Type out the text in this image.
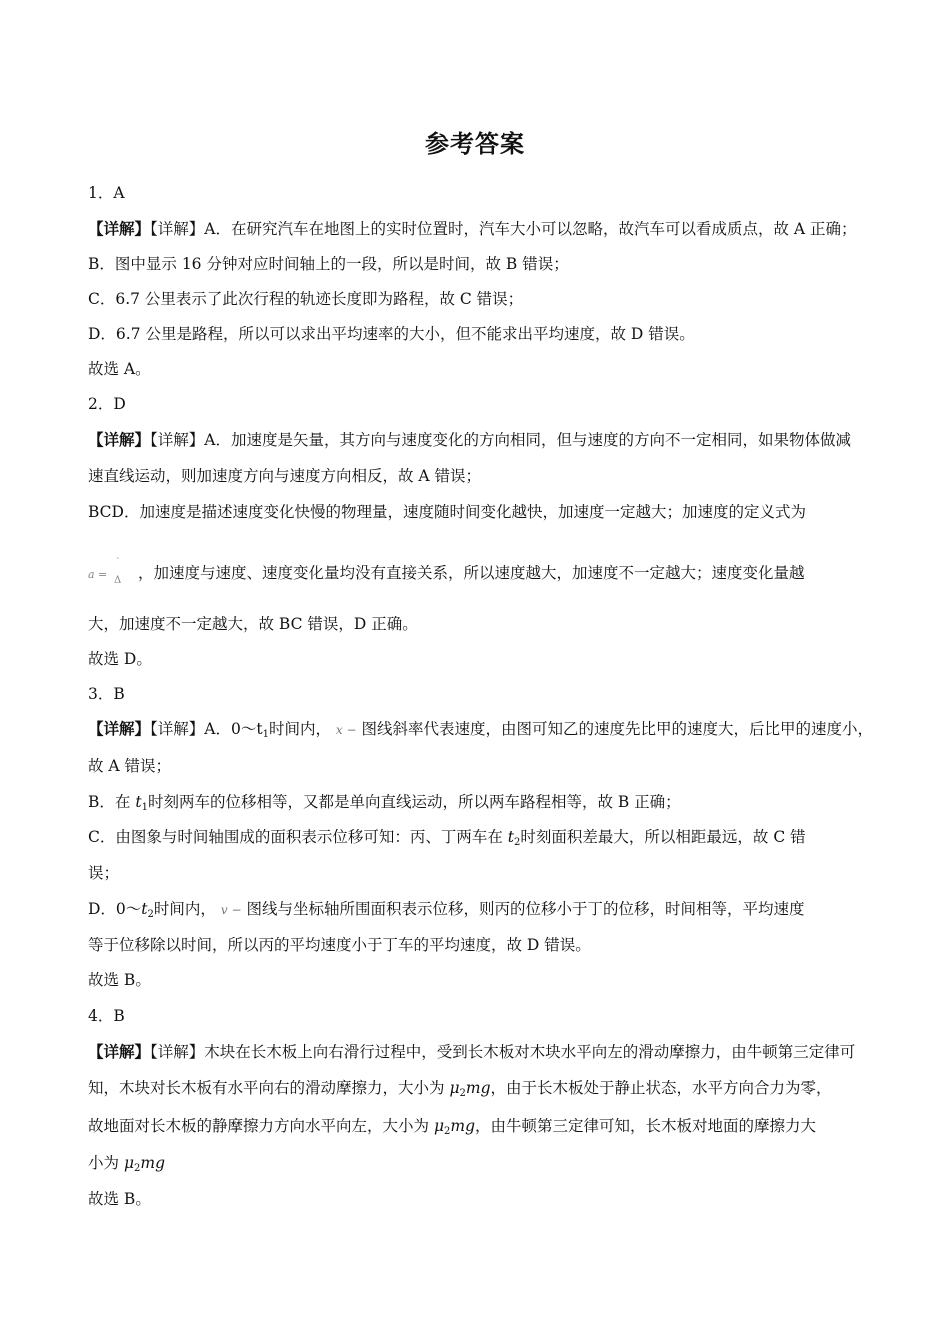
参考答案
1．A
【详解】【详解】A．在研究汽车在地图上的实时位置时，汽车大小可以忽略，故汽车可以看成质点，故 A 正确；
B．图中显示 16 分钟对应时间轴上的一段，所以是时间，故 B 错误；
C．6.7 公里表示了此次行程的轨迹长度即为路程，故 C 错误；
D．6.7 公里是路程，所以可以求出平均速率的大小，但不能求出平均速度，故 D 错误。
故选 A。
2．D
【详解】【详解】A．加速度是矢量，其方向与速度变化的方向相同，但与速度的方向不一定相同，如果物体做减
速直线运动，则加速度方向与速度方向相反，故 A 错误；
BCD．加速度是描述速度变化快慢的物理量，速度随时间变化越快，加速度一定越大；加速度的定义式为
a =
ˋ
Δ ，加速度与速度、速度变化量均没有直接关系，所以速度越大，加速度不一定越大；速度变化量越
大，加速度不一定越大，故 BC 错误，D 正确。
故选 D。
3．B
【详解】【详解】A．$0\sim t_1$时间内， x − 图线斜率代表速度，由图可知乙的速度先比甲的速度大，后比甲的速度小，
故 A 错误；
B．在 $t_1$时刻两车的位移相等，又都是单向直线运动，所以两车路程相等，故 B 正确；
C．由图象与时间轴围成的面积表示位移可知：丙、丁两车在 $t_2$时刻面积差最大，所以相距最远，故 C 错
误；
D．$0\sim t_2$时间内， v − 图线与坐标轴所围面积表示位移，则丙的位移小于丁的位移，时间相等，平均速度
等于位移除以时间，所以丙的平均速度小于丁车的平均速度，故 D 错误。
故选 B。
4．B
【详解】【详解】木块在长木板上向右滑行过程中，受到长木板对木块水平向左的滑动摩擦力，由牛顿第三定律可
知，木块对长木板有水平向右的滑动摩擦力，大小为 $\mu_2mg$，由于长木板处于静止状态，水平方向合力为零，
故地面对长木板的静摩擦力方向水平向左，大小为 $\mu_2mg$，由牛顿第三定律可知，长木板对地面的摩擦力大
小为 $\mu_2mg$
故选 B。
